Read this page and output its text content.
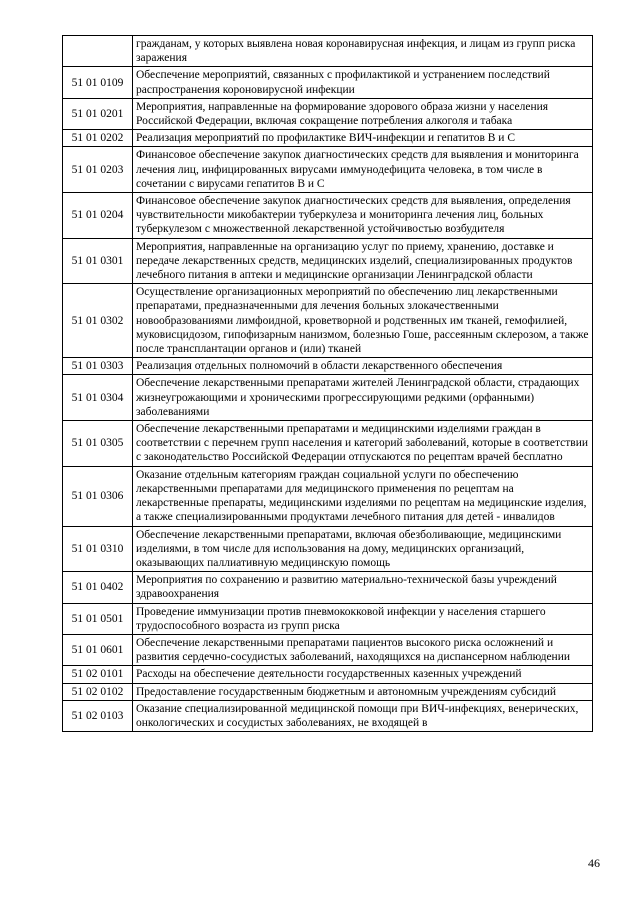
	гражданам, у которых выявлена новая коронавирусная инфекция, и лицам из групп риска заражения
51 01 0109	Обеспечение мероприятий, связанных с профилактикой и устранением последствий распространения короновирусной инфекции
51 01 0201	Мероприятия, направленные на формирование здорового образа жизни у населения Российской Федерации, включая сокращение потребления алкоголя и табака
51 01 0202	Реализация мероприятий по профилактике ВИЧ-инфекции и гепатитов В и С
51 01 0203	Финансовое обеспечение закупок диагностических средств для выявления и мониторинга лечения лиц, инфицированных вирусами иммунодефицита человека, в том числе в сочетании с вирусами гепатитов В и С
51 01 0204	Финансовое обеспечение закупок диагностических средств для выявления, определения чувствительности микобактерии туберкулеза и мониторинга лечения лиц, больных туберкулезом с множественной лекарственной устойчивостью возбудителя
51 01 0301	Мероприятия, направленные на организацию услуг по приему, хранению, доставке и передаче лекарственных средств, медицинских изделий, специализированных продуктов лечебного питания в аптеки и медицинские организации Ленинградской области
51 01 0302	Осуществление организационных мероприятий по обеспечению лиц лекарственными препаратами, предназначенными для лечения больных злокачественными новообразованиями лимфоидной, кроветворной и родственных им тканей, гемофилией, муковисцидозом, гипофизарным нанизмом, болезнью Гоше, рассеянным склерозом, а также после трансплантации органов и (или) тканей
51 01 0303	Реализация отдельных полномочий в области лекарственного обеспечения
51 01 0304	Обеспечение лекарственными препаратами жителей Ленинградской области, страдающих жизнеугрожающими и хроническими прогрессирующими редкими (орфанными) заболеваниями
51 01 0305	Обеспечение лекарственными препаратами и медицинскими изделиями граждан в соответствии с перечнем групп населения и категорий заболеваний, которые в соответствии с законодательство Российской Федерации отпускаются по рецептам врачей бесплатно
51 01 0306	Оказание отдельным категориям граждан социальной услуги по обеспечению лекарственными препаратами для медицинского применения по рецептам на лекарственные препараты, медицинскими изделиями по рецептам на медицинские изделия, а также специализированными продуктами лечебного питания для детей - инвалидов
51 01 0310	Обеспечение лекарственными препаратами, включая обезболивающие, медицинскими изделиями, в том числе для использования на дому, медицинских организаций, оказывающих паллиативную медицинскую помощь
51 01 0402	Мероприятия по сохранению и развитию материально-технической базы учреждений здравоохранения
51 01 0501	Проведение иммунизации против пневмококковой инфекции у населения старшего трудоспособного возраста из групп риска
51 01 0601	Обеспечение лекарственными препаратами пациентов высокого риска осложнений и развития сердечно-сосудистых заболеваний, находящихся на диспансерном наблюдении
51 02 0101	Расходы на обеспечение деятельности государственных казенных учреждений
51 02 0102	Предоставление государственным бюджетным и автономным учреждениям субсидий
51 02 0103	Оказание специализированной медицинской помощи при ВИЧ-инфекциях, венерических, онкологических и сосудистых заболеваниях, не входящей в
46
